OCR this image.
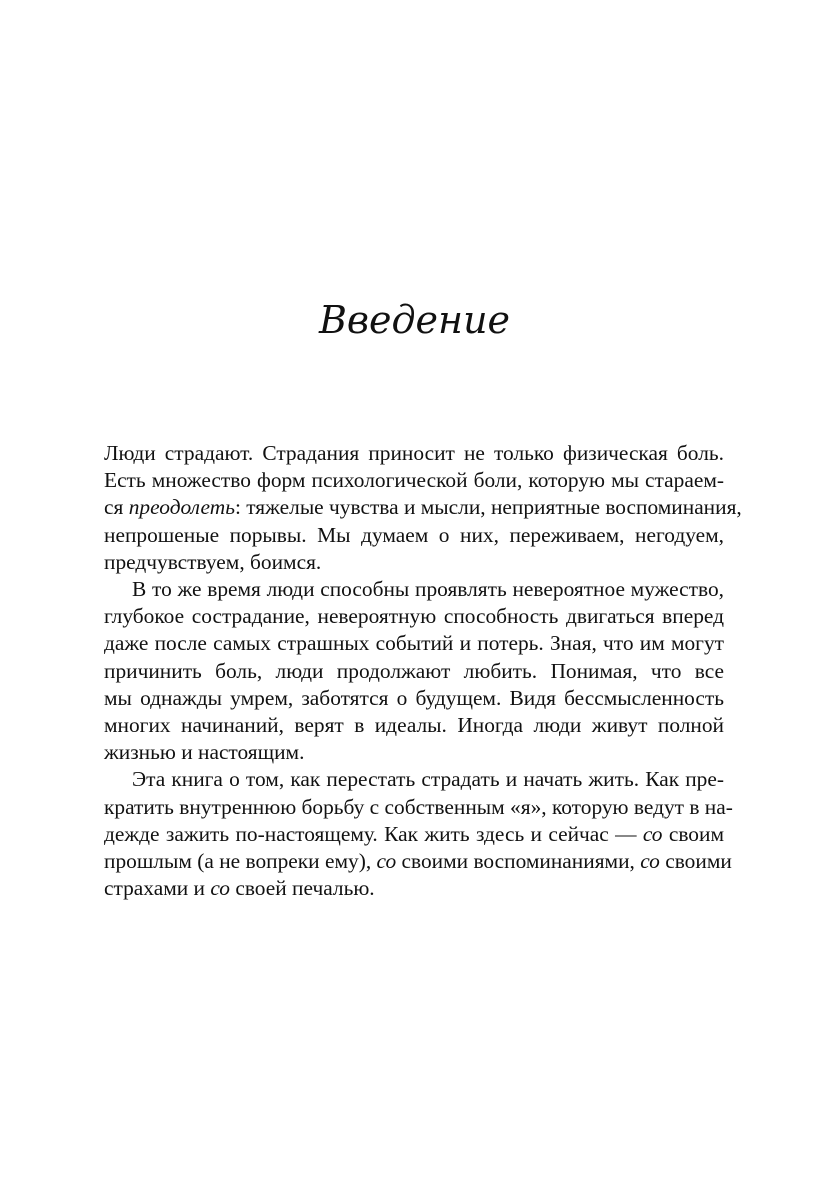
Введение

Люди страдают. Страдания приносит не только физическая боль.
Есть множество форм психологической боли, которую мы стараем-
ся преодолеть: тяжелые чувства и мысли, неприятные воспоминания,
непрошеные порывы. Мы думаем о них, переживаем, негодуем,
предчувствуем, боимся.

В то же время люди способны проявлять невероятное мужество,
глубокое сострадание, невероятную способность двигаться вперед
даже после самых страшных событий и потерь. Зная, что им могут
причинить боль, люди продолжают любить. Понимая, что все
мы однажды умрем, заботятся о будущем. Видя бессмысленность
многих начинаний, верят в идеалы. Иногда люди живут полной
жизнью и настоящим.

Эта книга о том, как перестать страдать и начать жить. Как пре-
кратить внутреннюю борьбу с собственным «я», которую ведут в на-
дежде зажить по-настоящему. Как жить здесь и сейчас — со своим
прошлым (а не вопреки ему), со своими воспоминаниями, со своими
страхами и со своей печалью.
